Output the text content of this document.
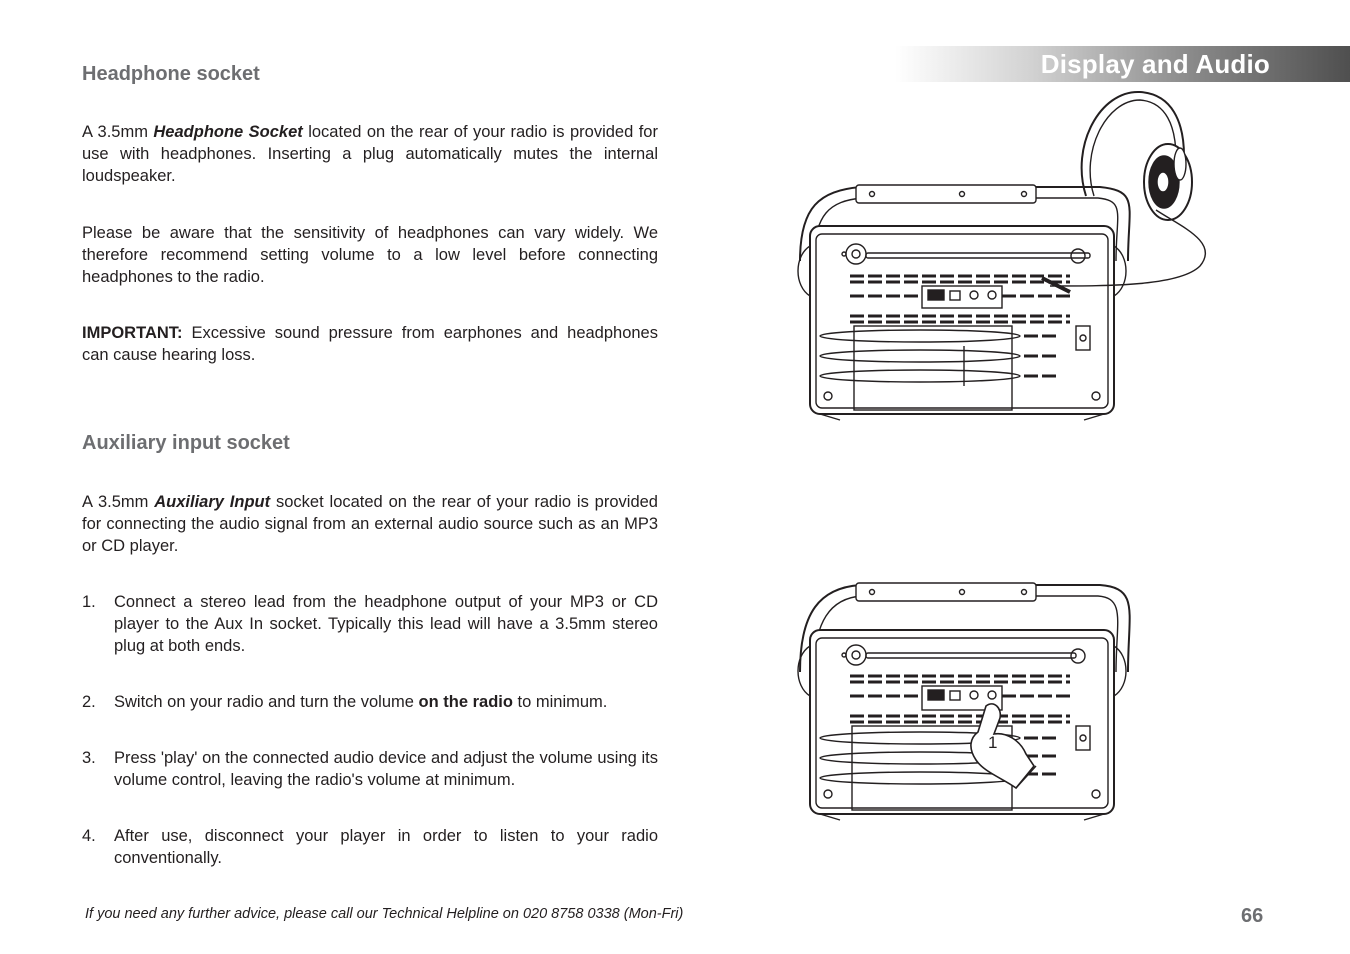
Display and Audio
Headphone socket

A 3.5mm Headphone Socket located on the rear of your radio is provided for use with headphones. Inserting a plug automatically mutes the internal loudspeaker.

Please be aware that the sensitivity of headphones can vary widely. We therefore recommend setting volume to a low level before connecting headphones to the radio.

IMPORTANT: Excessive sound pressure from earphones and headphones can cause hearing loss.

Auxiliary input socket

A 3.5mm Auxiliary Input socket located on the rear of your radio is provided for connecting the audio signal from an external audio source such as an MP3 or CD player.

1. Connect a stereo lead from the headphone output of your MP3 or CD player to the Aux In socket. Typically this lead will have a 3.5mm stereo plug at both ends.
2. Switch on your radio and turn the volume on the radio to minimum.
3. Press 'play' on the connected audio device and adjust the volume using its volume control, leaving the radio's volume at minimum.
4. After use, disconnect your player in order to listen to your radio conventionally.
1
If you need any further advice, please call our Technical Helpline on 020 8758 0338 (Mon-Fri)	66
